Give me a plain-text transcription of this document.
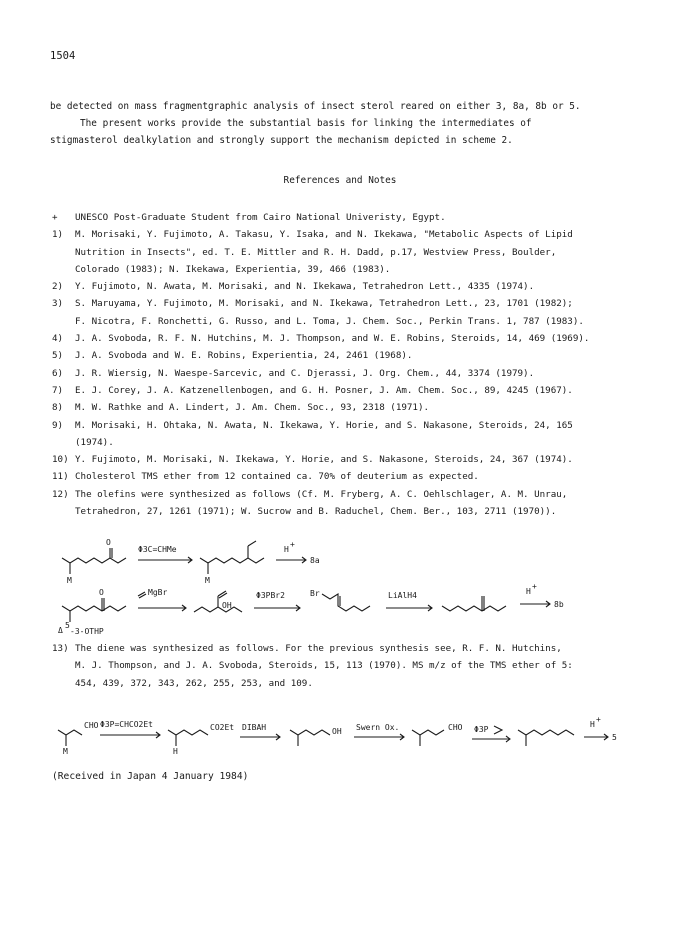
1504
be detected on mass fragmentgraphic analysis of insect sterol reared on either 3, 8a, 8b or 5.
The present works provide the substantial basis for linking the intermediates of
stigmasterol dealkylation and strongly support the mechanism depicted in scheme 2.
References and Notes
+	UNESCO Post-Graduate Student from Cairo National Univeristy, Egypt.
1)	M. Morisaki, Y. Fujimoto, A. Takasu, Y. Isaka, and N. Ikekawa, "Metabolic Aspects of Lipid
Nutrition in Insects", ed. T. E. Mittler and R. H. Dadd, p.17, Westview Press, Boulder,
Colorado (1983); N. Ikekawa, Experientia, 39, 466 (1983).
2)	Y. Fujimoto, N. Awata, M. Morisaki, and N. Ikekawa, Tetrahedron Lett., 4335 (1974).
3)	S. Maruyama, Y. Fujimoto, M. Morisaki, and N. Ikekawa, Tetrahedron Lett., 23, 1701 (1982);
F. Nicotra, F. Ronchetti, G. Russo, and L. Toma, J. Chem. Soc., Perkin Trans. 1, 787 (1983).
4)	J. A. Svoboda, R. F. N. Hutchins, M. J. Thompson, and W. E. Robins, Steroids, 14, 469 (1969).
5)	J. A. Svoboda and W. E. Robins, Experientia, 24, 2461 (1968).
6)	J. R. Wiersig, N. Waespe-Sarcevic, and C. Djerassi, J. Org. Chem., 44, 3374 (1979).
7)	E. J. Corey, J. A. Katzenellenbogen, and G. H. Posner, J. Am. Chem. Soc., 89, 4245 (1967).
8)	M. W. Rathke and A. Lindert, J. Am. Chem. Soc., 93, 2318 (1971).
9)	M. Morisaki, H. Ohtaka, N. Awata, N. Ikekawa, Y. Horie, and S. Nakasone, Steroids, 24, 165
(1974).
10) Y. Fujimoto, M. Morisaki, N. Ikekawa, Y. Horie, and S. Nakasone, Steroids, 24, 367 (1974).
11) Cholesterol TMS ether from 12 contained ca. 70% of deuterium as expected.
12) The olefins were synthesized as follows (Cf. M. Fryberg, A. C. Oehlschlager, A. M. Unrau,
Tetrahedron, 27, 1261 (1971); W. Sucrow and B. Raduchel, Chem. Ber., 103, 2711 (1970)).
O
M
Φ3C=CHMe
M
H
+
8a
O
Δ
5
-3-OTHP
MgBr
OH
Φ3PBr2	Br	LiAlH4	H
+
8b
13) The diene was synthesized as follows. For the previous synthesis see, R. F. N. Hutchins,
M. J. Thompson, and J. A. Svoboda, Steroids, 15, 113 (1970). MS m/z of the TMS ether of 5:
454, 439, 372, 343, 262, 255, 253, and 109.
CHO
M
Φ3P=CHCO2Et	CO2Et
H
DIBAH	OH Swern Ox.	CHO Φ3P
H
+
5
(Received in Japan 4 January 1984)
